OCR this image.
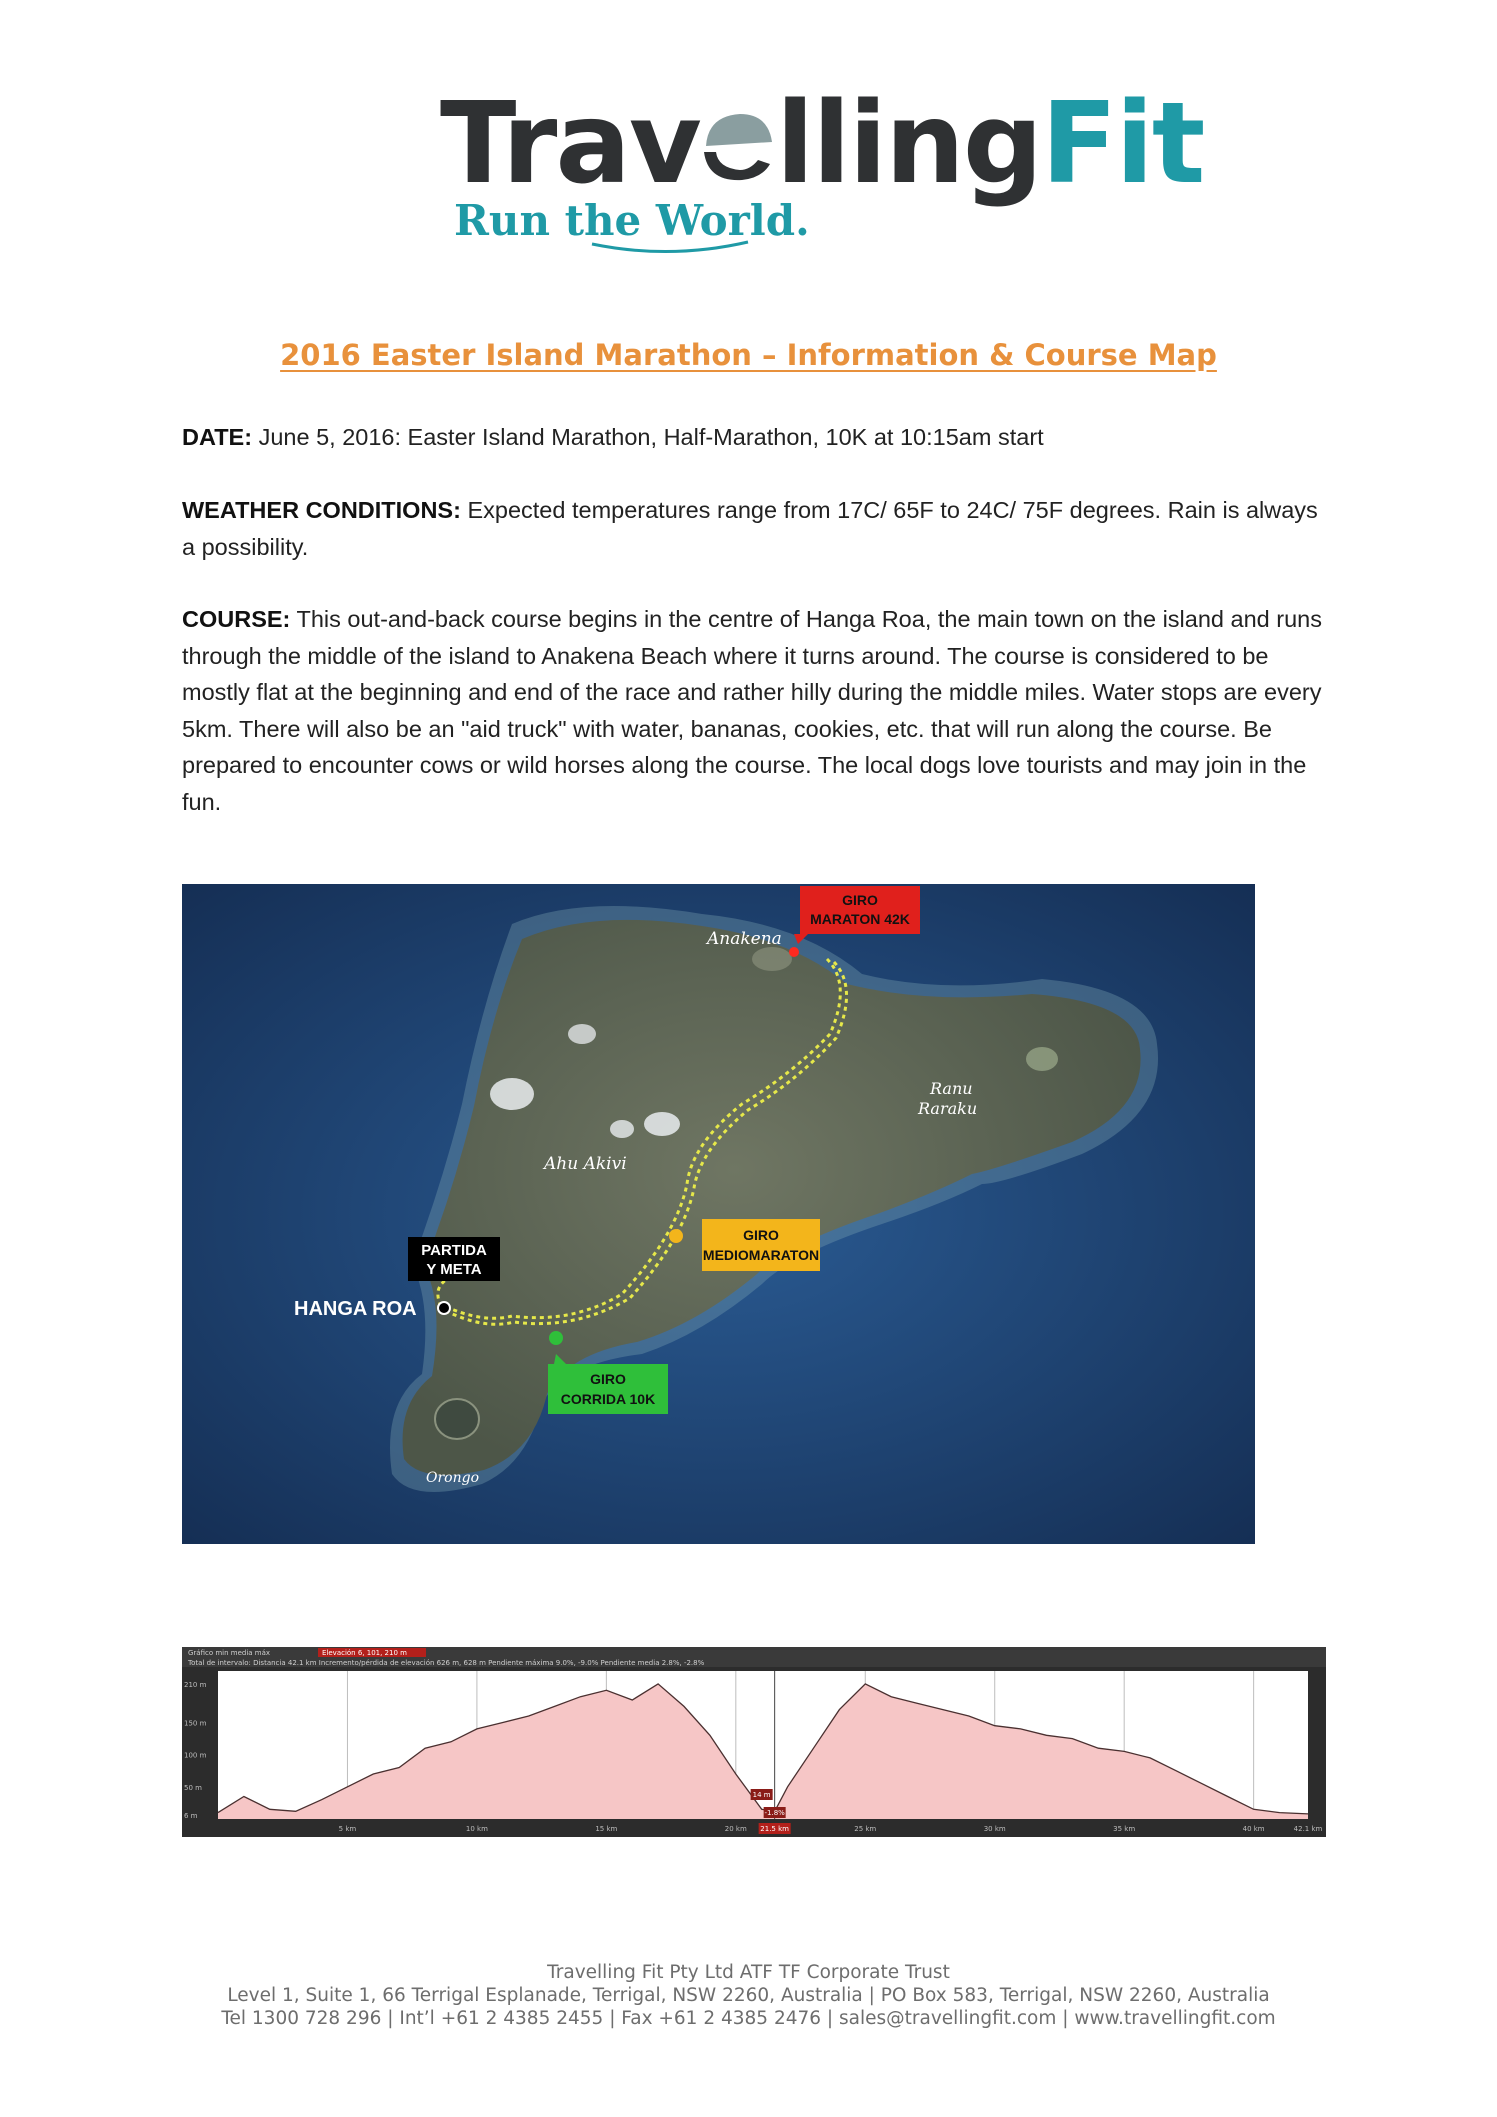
Trav llingFit
Run the World.
2016 Easter Island Marathon – Information & Course Map
DATE: June 5, 2016: Easter Island Marathon, Half-Marathon, 10K at 10:15am start
WEATHER CONDITIONS: Expected temperatures range from 17C/ 65F to 24C/ 75F degrees. Rain is always a possibility.
COURSE: This out-and-back course begins in the centre of Hanga Roa, the main town on the island and runs through the middle of the island to Anakena Beach where it turns around. The course is considered to be mostly flat at the beginning and end of the race and rather hilly during the middle miles. Water stops are every 5km. There will also be an "aid truck" with water, bananas, cookies, etc. that will run along the course. Be prepared to encounter cows or wild horses along the course. The local dogs love tourists and may join in the fun.
Anakena
Ranu
Raraku
Ahu Akivi
HANGA ROA
Orongo
GIRO
MARATON 42K
GIRO
MEDIOMARATON
GIRO
CORRIDA 10K
PARTIDA
Y META
Gráfico min media máx	Elevación 6, 101, 210 m
Total de intervalo: Distancia 42.1 km Incremento/pérdida de elevación 626 m, 628 m Pendiente máxima 9.0%, -9.0% Pendiente media 2.8%, -2.8%
210 m
150 m
100 m
50 m
6 m
5 km	10 km	15 km	20 km 21.5 km	25 km	30 km	35 km	40 km	42.1 km
14 m
-1.8%
Travelling Fit Pty Ltd ATF TF Corporate Trust
Level 1, Suite 1, 66 Terrigal Esplanade, Terrigal, NSW 2260, Australia | PO Box 583, Terrigal, NSW 2260, Australia
Tel 1300 728 296 | Int’l +61 2 4385 2455 | Fax +61 2 4385 2476 | sales@travellingfit.com | www.travellingfit.com
